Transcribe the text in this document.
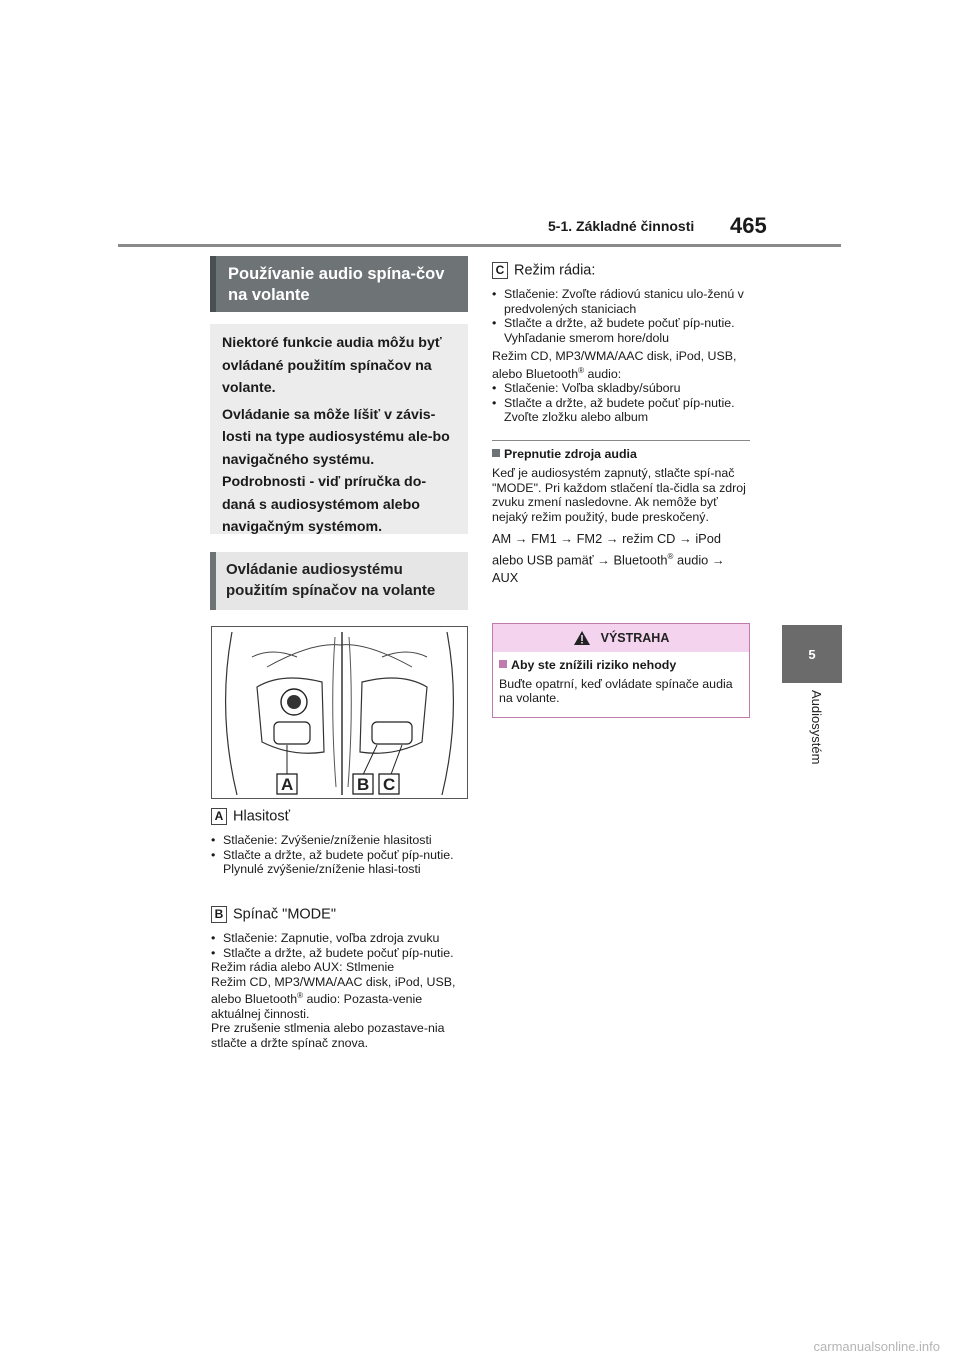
5-1. Základné činnosti 465
5
Audiosystém
Používanie audio spína-čov na volante

Niektoré funkcie audia môžu byť ovládané použitím spínačov na volante.

Ovládanie sa môže líšiť v závis-losti na type audiosystému ale-bo navigačného systému. Podrobnosti - viď príručka do-daná s audiosystémom alebo navigačným systémom.

Ovládanie audiosystému použitím spínačov na volante
A	B C
A Hlasitosť
• Stlačenie: Zvýšenie/zníženie hlasitosti
• Stlačte a držte, až budete počuť píp-nutie. Plynulé zvýšenie/zníženie hlasi-tosti
B Spínač "MODE"
• Stlačenie: Zapnutie, voľba zdroja zvuku
• Stlačte a držte, až budete počuť píp-nutie.

Režim rádia alebo AUX: Stlmenie

Režim CD, MP3/WMA/AAC disk, iPod, USB, alebo Bluetooth® audio: Pozasta-venie aktuálnej činnosti.

Pre zrušenie stlmenia alebo pozastave-nia stlačte a držte spínač znova.

C Režim rádia:
• Stlačenie: Zvoľte rádiovú stanicu ulo-ženú v predvolených staniciach
• Stlačte a držte, až budete počuť píp-nutie. Vyhľadanie smerom hore/dolu

Režim CD, MP3/WMA/AAC disk, iPod, USB, alebo Bluetooth® audio:

• Stlačenie: Voľba skladby/súboru
• Stlačte a držte, až budete počuť píp-nutie. Zvoľte zložku alebo album
Prepnutie zdroja audia

Keď je audiosystém zapnutý, stlačte spí-nač "MODE". Pri každom stlačení tla-čidla sa zdroj zvuku zmení nasledovne. Ak nemôže byť nejaký režim použitý, bude preskočený.

AM → FM1 → FM2 → režim CD → iPod alebo USB pamäť → Bluetooth® audio → AUX

VÝSTRAHA
Aby ste znížili riziko nehody

Buďte opatrní, keď ovládate spínače audia na volante.

carmanualsonline.info
